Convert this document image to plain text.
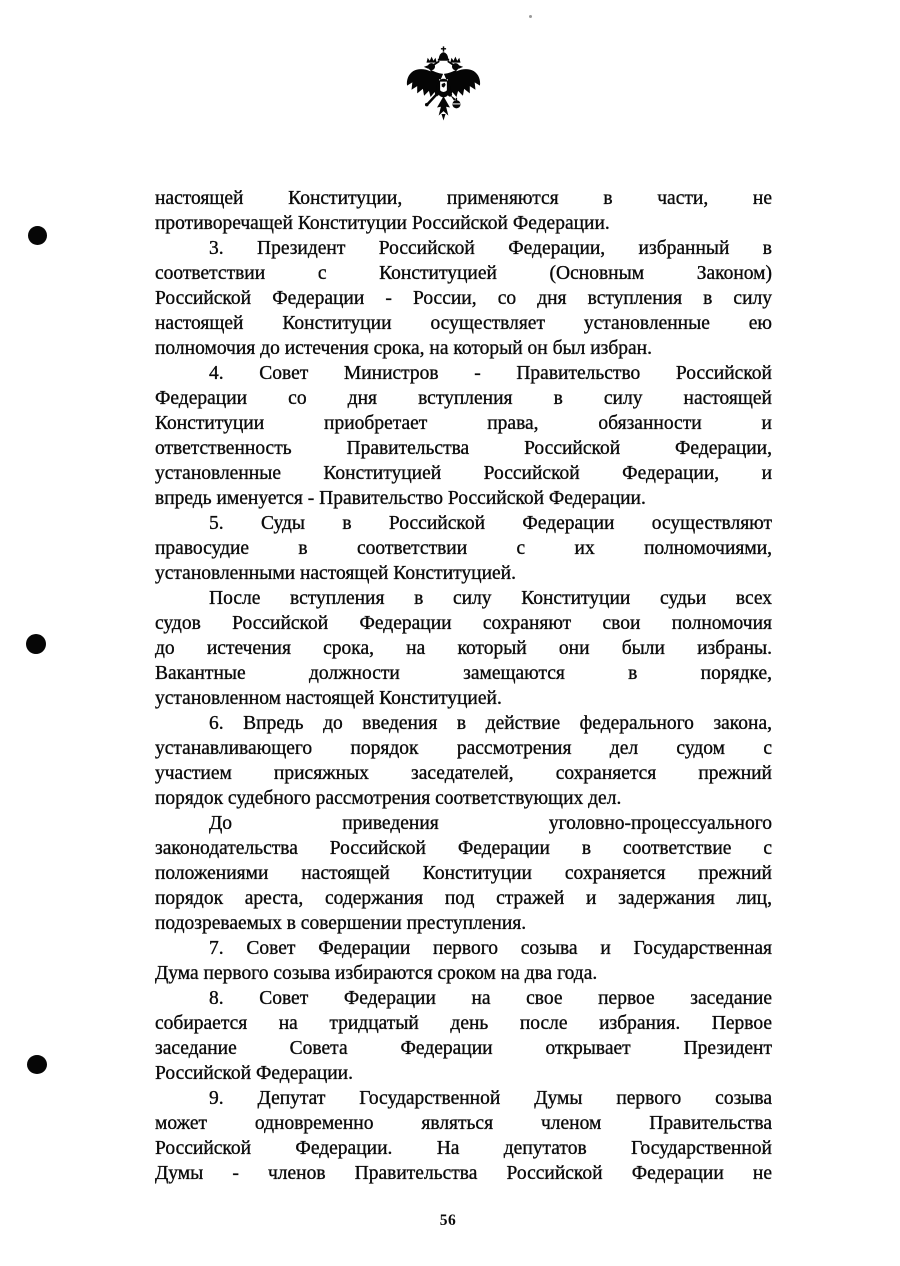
настоящей Конституции, применяются в части, не
противоречащей Конституции Российской Федерации.
3. Президент Российской Федерации, избранный в
соответствии с Конституцией (Основным Законом)
Российской Федерации - России, со дня вступления в силу
настоящей Конституции осуществляет установленные ею
полномочия до истечения срока, на который он был избран.
4. Совет Министров - Правительство Российской
Федерации со дня вступления в силу настоящей
Конституции приобретает права, обязанности и
ответственность Правительства Российской Федерации,
установленные Конституцией Российской Федерации, и
впредь именуется - Правительство Российской Федерации.
5. Суды в Российской Федерации осуществляют
правосудие в соответствии с их полномочиями,
установленными настоящей Конституцией.
После вступления в силу Конституции судьи всех
судов Российской Федерации сохраняют свои полномочия
до истечения срока, на который они были избраны.
Вакантные должности замещаются в порядке,
установленном настоящей Конституцией.
6. Впредь до введения в действие федерального закона,
устанавливающего порядок рассмотрения дел судом с
участием присяжных заседателей, сохраняется прежний
порядок судебного рассмотрения соответствующих дел.
До приведения уголовно-процессуального
законодательства Российской Федерации в соответствие с
положениями настоящей Конституции сохраняется прежний
порядок ареста, содержания под стражей и задержания лиц,
подозреваемых в совершении преступления.
7. Совет Федерации первого созыва и Государственная
Дума первого созыва избираются сроком на два года.
8. Совет Федерации на свое первое заседание
собирается на тридцатый день после избрания. Первое
заседание Совета Федерации открывает Президент
Российской Федерации.
9. Депутат Государственной Думы первого созыва
может одновременно являться членом Правительства
Российской Федерации. На депутатов Государственной
Думы - членов Правительства Российской Федерации не
56
